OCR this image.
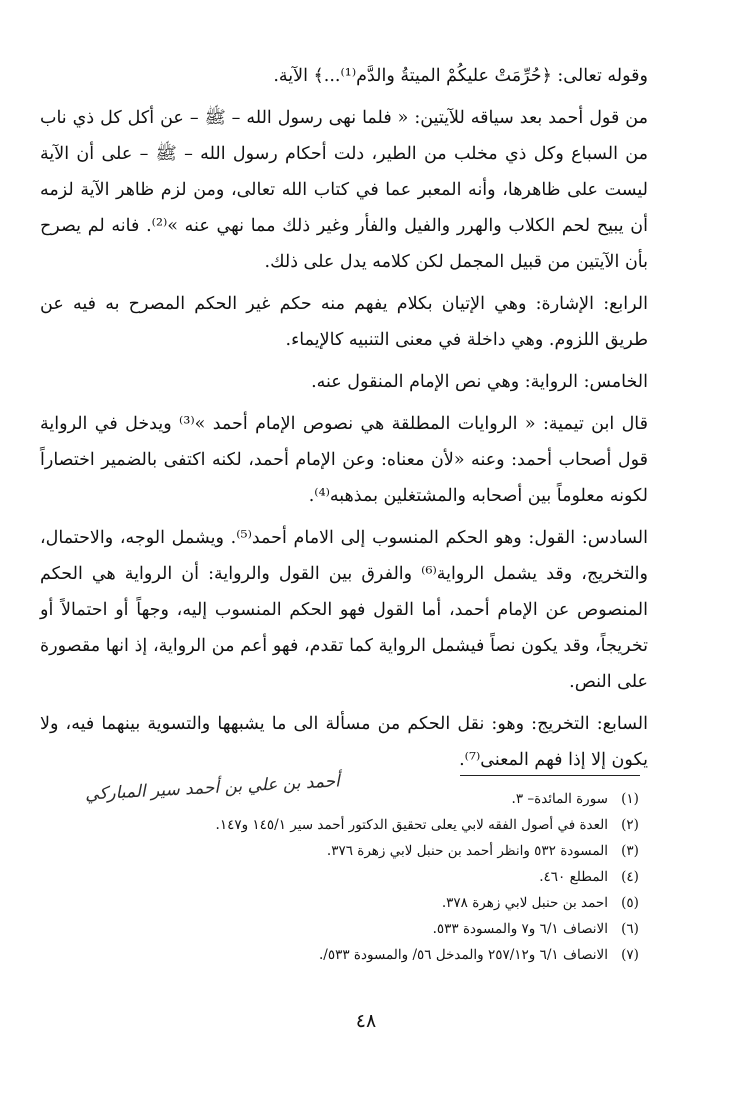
وقوله تعالى: ﴿حُرِّمَتْ عليكُمْ الميتةُ والدَّم⁽¹⁾...﴾ الآية.

من قول أحمد بعد سياقه للآيتين: « فلما نهى رسول الله – ﷺ – عن أكل كل ذي ناب من السباع وكل ذي مخلب من الطير، دلت أحكام رسول الله – ﷺ – على أن الآية ليست على ظاهرها، وأنه المعبر عما في كتاب الله تعالى، ومن لزم ظاهر الآية لزمه أن يبيح لحم الكلاب والهرر والفيل والفأر وغير ذلك مما نهي عنه »⁽²⁾. فانه لم يصرح بأن الآيتين من قبيل المجمل لكن كلامه يدل على ذلك.

الرابع: الإشارة: وهي الإتيان بكلام يفهم منه حكم غير الحكم المصرح به فيه عن طريق اللزوم. وهي داخلة في معنى التنبيه كالإيماء.

الخامس: الرواية: وهي نص الإمام المنقول عنه.

قال ابن تيمية: « الروايات المطلقة هي نصوص الإمام أحمد »⁽³⁾ ويدخل في الرواية قول أصحاب أحمد: وعنه «لأن معناه: وعن الإمام أحمد، لكنه اكتفى بالضمير اختصاراً لكونه معلوماً بين أصحابه والمشتغلين بمذهبه⁽⁴⁾.

السادس: القول: وهو الحكم المنسوب إلى الامام أحمد⁽⁵⁾. ويشمل الوجه، والاحتمال، والتخريج، وقد يشمل الرواية⁽⁶⁾ والفرق بين القول والرواية: أن الرواية هي الحكم المنصوص عن الإمام أحمد، أما القول فهو الحكم المنسوب إليه، وجهاً أو احتمالاً أو تخريجاً، وقد يكون نصاً فيشمل الرواية كما تقدم، فهو أعم من الرواية، إذ انها مقصورة على النص.

السابع: التخريج: وهو: نقل الحكم من مسألة الى ما يشبهها والتسوية بينهما فيه، ولا يكون إلا إذا فهم المعنى⁽⁷⁾.

أحمد بن علي بن أحمد سير المباركي	(١)
سورة المائدة– ٣.
(٢)
العدة في أصول الفقه لابي يعلى تحقيق الدكتور أحمد سير ١٤٥/١ و١٤٧.
(٣)
المسودة ٥٣٢ وانظر أحمد بن حنبل لابي زهرة ٣٧٦.
(٤)
المطلع ٤٦٠.
(٥)
احمد بن حنبل لابي زهرة ٣٧٨.
(٦)
الانصاف ٦/١ و٧ والمسودة ٥٣٣.
(٧)
الانصاف ٦/١ و٢٥٧/١٢ والمدخل ٥٦/ والمسودة ٥٣٣/.
٤٨
